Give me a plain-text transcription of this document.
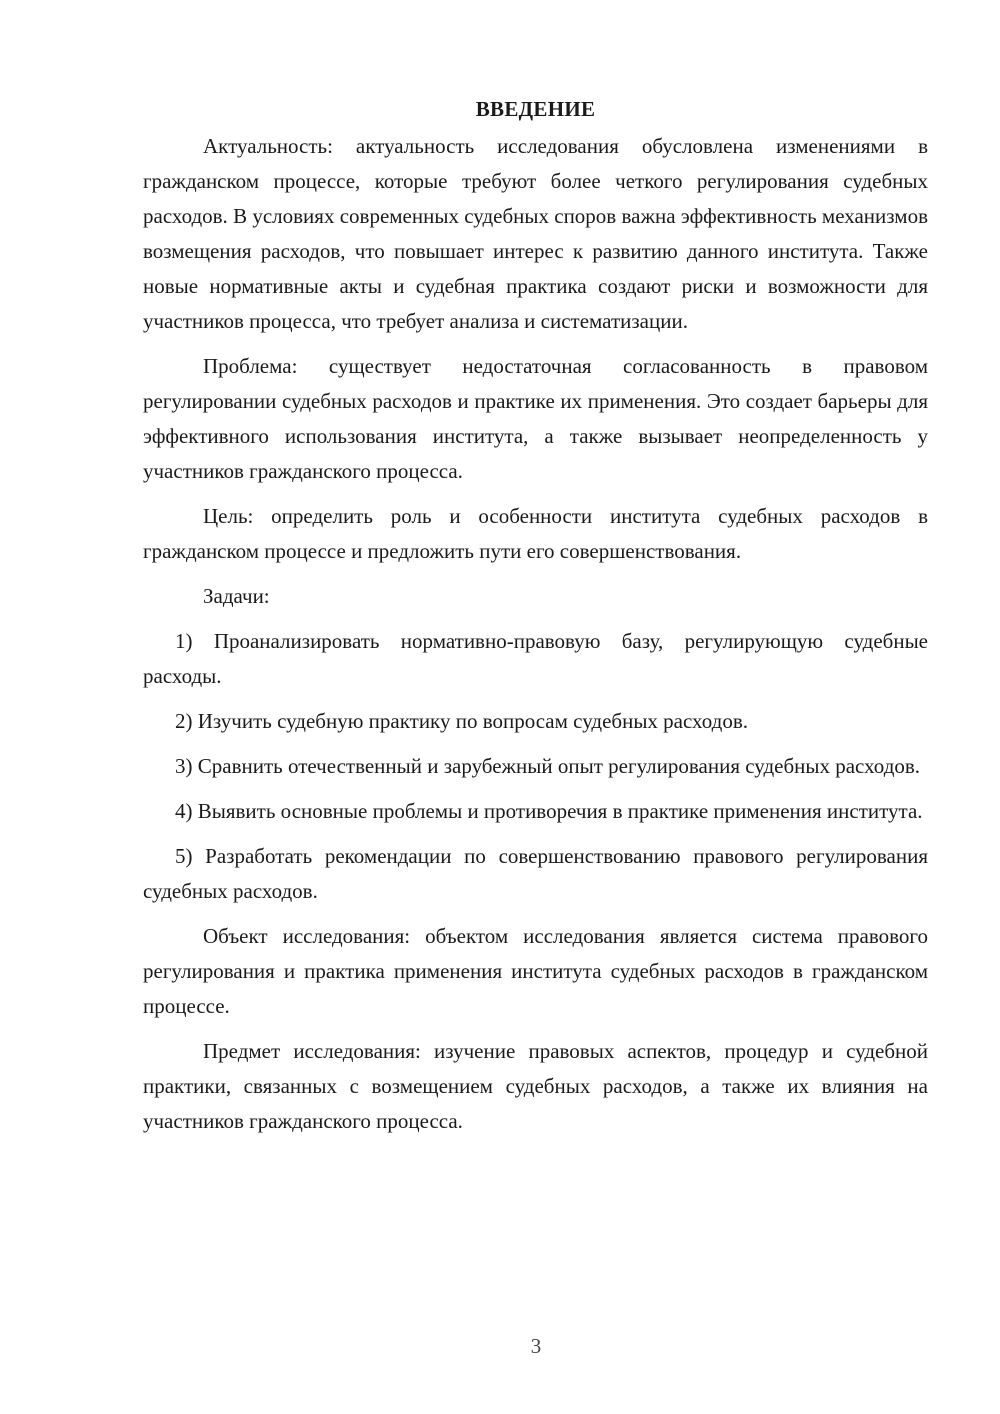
ВВЕДЕНИЕ

Актуальность: актуальность исследования обусловлена изменениями в гражданском процессе, которые требуют более четкого регулирования судебных расходов. В условиях современных судебных споров важна эффективность механизмов возмещения расходов, что повышает интерес к развитию данного института. Также новые нормативные акты и судебная практика создают риски и возможности для участников процесса, что требует анализа и систематизации.

Проблема: существует недостаточная согласованность в правовом регулировании судебных расходов и практике их применения. Это создает барьеры для эффективного использования института, а также вызывает неопределенность у участников гражданского процесса.

Цель: определить роль и особенности института судебных расходов в гражданском процессе и предложить пути его совершенствования.

Задачи:

1) Проанализировать нормативно-правовую базу, регулирующую судебные расходы.

2) Изучить судебную практику по вопросам судебных расходов.

3) Сравнить отечественный и зарубежный опыт регулирования судебных расходов.

4) Выявить основные проблемы и противоречия в практике применения института.

5) Разработать рекомендации по совершенствованию правового регулирования судебных расходов.

Объект исследования: объектом исследования является система правового регулирования и практика применения института судебных расходов в гражданском процессе.

Предмет исследования: изучение правовых аспектов, процедур и судебной практики, связанных с возмещением судебных расходов, а также их влияния на участников гражданского процесса.

3
